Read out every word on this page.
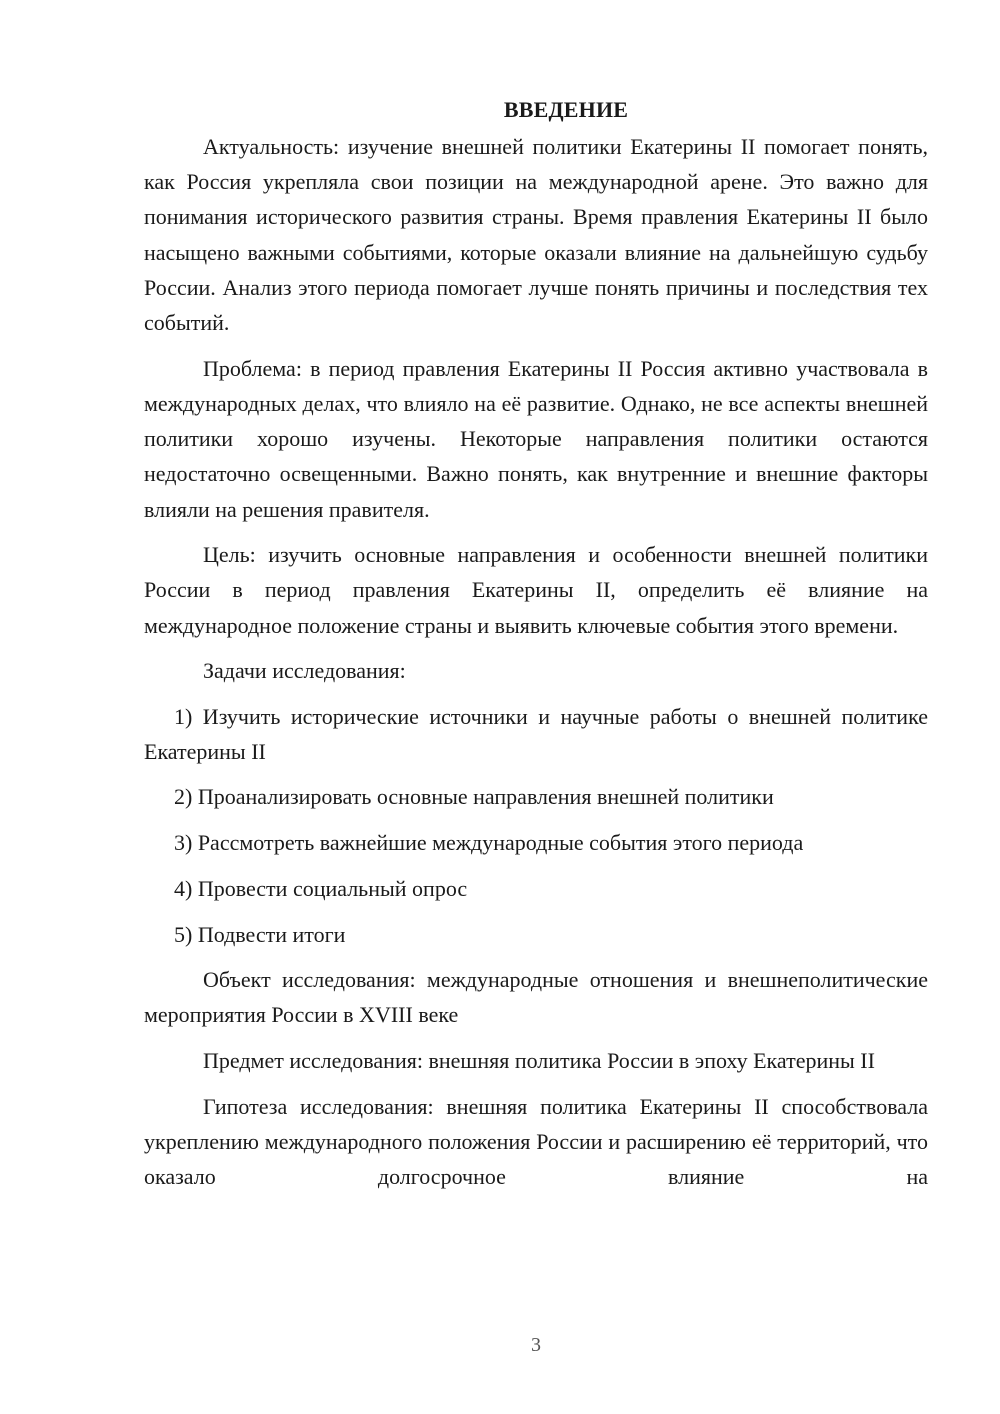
ВВЕДЕНИЕ

Актуальность: изучение внешней политики Екатерины II помогает понять, как Россия укрепляла свои позиции на международной арене. Это важно для понимания исторического развития страны. Время правления Екатерины II было насыщено важными событиями, которые оказали влияние на дальнейшую судьбу России. Анализ этого периода помогает лучше понять причины и последствия тех событий.

Проблема: в период правления Екатерины II Россия активно участвовала в международных делах, что влияло на её развитие. Однако, не все аспекты внешней политики хорошо изучены. Некоторые направления политики остаются недостаточно освещенными. Важно понять, как внутренние и внешние факторы влияли на решения правителя.

Цель: изучить основные направления и особенности внешней политики России в период правления Екатерины II, определить её влияние на международное положение страны и выявить ключевые события этого времени.

Задачи исследования:

1) Изучить исторические источники и научные работы о внешней политике Екатерины II

2) Проанализировать основные направления внешней политики

3) Рассмотреть важнейшие международные события этого периода

4) Провести социальный опрос

5) Подвести итоги

Объект исследования: международные отношения и внешнеполитические мероприятия России в XVIII веке

Предмет исследования: внешняя политика России в эпоху Екатерины II

Гипотеза исследования: внешняя политика Екатерины II способствовала укреплению международного положения России и расширению её территорий, что оказало долгосрочное влияние на

3
